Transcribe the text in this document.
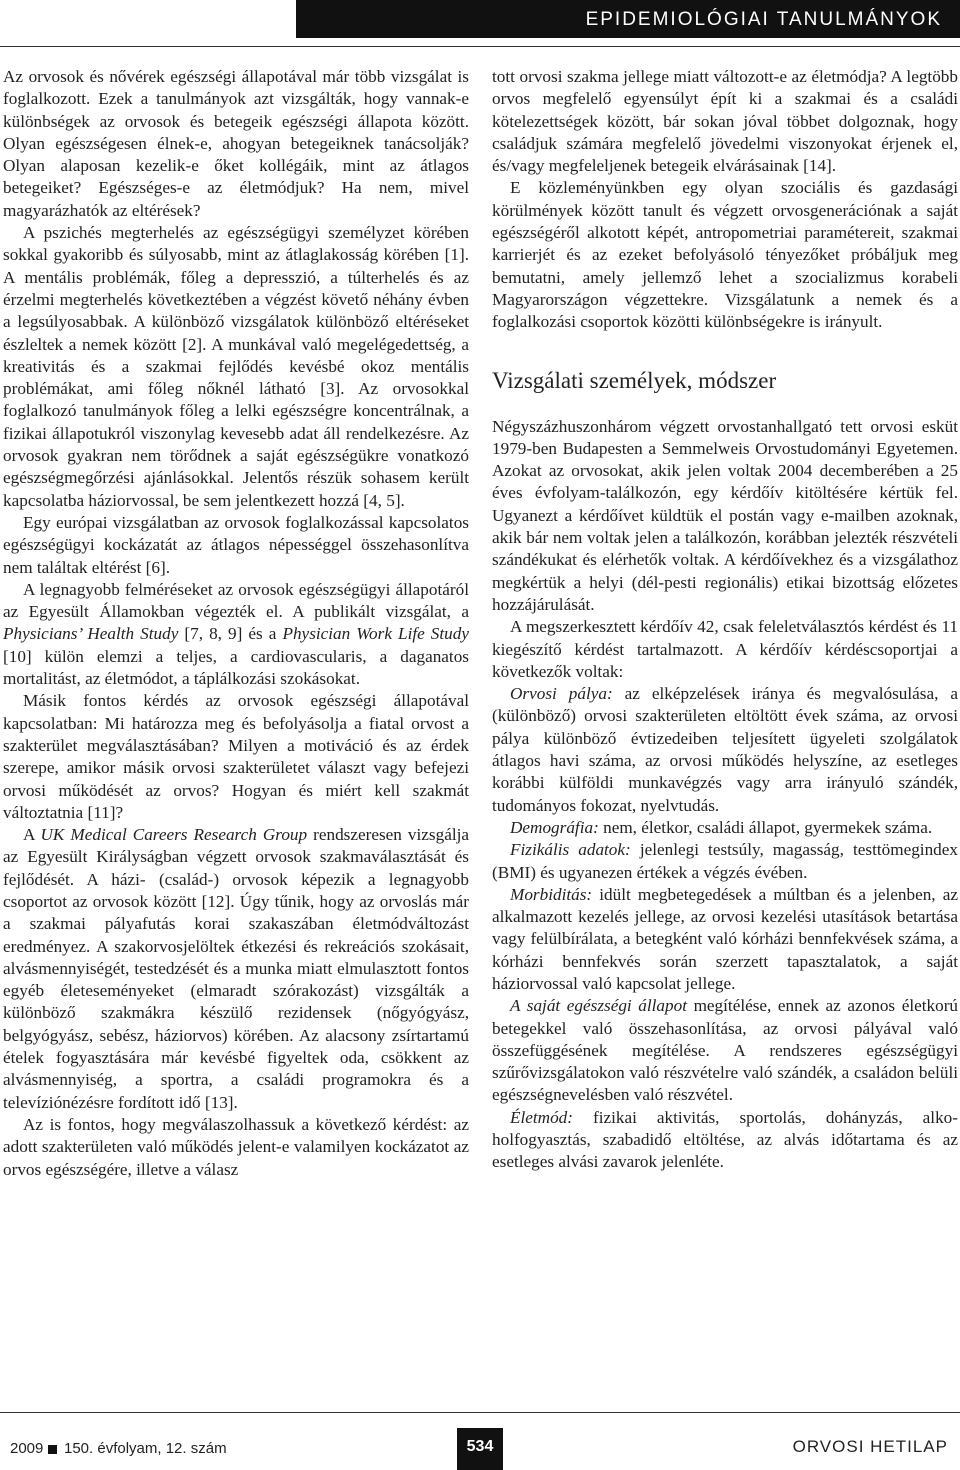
EPIDEMIOLÓGIAI TANULMÁNYOK

Az orvosok és nővérek egészségi állapotával már több vizsgálat is foglalkozott. Ezek a tanulmányok azt vizsgálták, hogy vannak-e különbségek az orvosok és betegeik egészségi állapota között. Olyan egészségesen élnek-e, ahogyan betegeiknek tanácsolják? Olyan alaposan kezelik-e őket kollégáik, mint az átlagos betegeiket? Egészséges-e az életmódjuk? Ha nem, mivel magyarázhatók az eltérések?

A pszichés megterhelés az egészségügyi személyzet körében sokkal gyakoribb és súlyosabb, mint az átlaglakosság körében [1]. A mentális problémák, főleg a depresszió, a túlterhelés és az érzelmi megterhelés következtében a végzést követő néhány évben a legsúlyosabbak. A különböző vizsgálatok különböző eltéréseket észleltek a nemek között [2]. A munkával való megelégedettség, a kreativitás és a szakmai fejlődés kevésbé okoz mentális problémákat, ami főleg nőknél látható [3]. Az orvosokkal foglalkozó tanulmányok főleg a lelki egészségre koncentrálnak, a fizikai állapotukról viszonylag kevesebb adat áll rendelkezésre. Az orvosok gyakran nem törődnek a saját egészségükre vonatkozó egészségmegőrzési ajánlásokkal. Jelentős részük sohasem került kapcsolatba háziorvossal, be sem jelentkezett hozzá [4, 5].

Egy európai vizsgálatban az orvosok foglalkozással kapcsolatos egészségügyi kockázatát az átlagos népességgel összehasonlítva nem találtak eltérést [6].

A legnagyobb felméréseket az orvosok egészségügyi állapotáról az Egyesült Államokban végezték el. A publikált vizsgálat, a Physicians’ Health Study [7, 8, 9] és a Physician Work Life Study [10] külön elemzi a teljes, a cardiovascularis, a daganatos mortalitást, az életmódot, a táplálkozási szokásokat.

Másik fontos kérdés az orvosok egészségi állapotával kapcsolatban: Mi határozza meg és befolyásolja a fiatal orvost a szakterület megválasztásában? Milyen a motiváció és az érdek szerepe, amikor másik orvosi szakterületet választ vagy befejezi orvosi működését az orvos? Hogyan és miért kell szakmát változtatnia [11]?

A UK Medical Careers Research Group rendszeresen vizsgálja az Egyesült Királyságban végzett orvosok szakmaválasztását és fejlődését. A házi- (család-) orvosok képezik a legnagyobb csoportot az orvosok között [12]. Úgy tűnik, hogy az orvoslás már a szakmai pályafutás korai szakaszában életmódváltozást eredményez. A szakorvosjelöltek étkezési és rekreációs szokásait, alvásmennyiségét, testedzését és a munka miatt elmulasztott fontos egyéb életeseményeket (elmaradt szórakozást) vizsgálták a különböző szakmákra készülő rezidensek (nőgyógyász, belgyógyász, sebész, háziorvos) körében. Az alacsony zsírtartamú ételek fogyasztására már kevésbé figyeltek oda, csökkent az alvásmennyiség, a sportra, a családi programokra és a televíziónézésre fordított idő [13].

Az is fontos, hogy megválaszolhassuk a következő kérdést: az adott szakterületen való működés jelent-e valamilyen kockázatot az orvos egészségére, illetve a válasz

tott orvosi szakma jellege miatt változott-e az életmódja? A legtöbb orvos megfelelő egyensúlyt épít ki a szakmai és a családi kötelezettségek között, bár sokan jóval többet dolgoznak, hogy családjuk számára megfelelő jövedelmi viszonyokat érjenek el, és/vagy megfeleljenek betegeik elvárásainak [14].

E közleményünkben egy olyan szociális és gazdasági körülmények között tanult és végzett orvosgenerációnak a saját egészségéről alkotott képét, antropometriai paramétereit, szakmai karrierjét és az ezeket befolyásoló tényezőket próbáljuk meg bemutatni, amely jellemző lehet a szocializmus korabeli Magyarországon végzettekre. Vizsgálatunk a nemek és a foglalkozási csoportok közötti különbségekre is irányult.

Vizsgálati személyek, módszer

Négyszázhuszonhárom végzett orvostanhallgató tett orvosi esküt 1979-ben Budapesten a Semmelweis Orvostudományi Egyetemen. Azokat az orvosokat, akik jelen voltak 2004 decemberében a 25 éves évfolyam-találkozón, egy kérdőív kitöltésére kértük fel. Ugyanezt a kérdőívet küldtük el postán vagy e-mailben azoknak, akik bár nem voltak jelen a találkozón, korábban jelezték részvételi szándékukat és elérhetők voltak. A kérdőívekhez és a vizsgálathoz megkértük a helyi (dél-pesti regionális) etikai bizottság előzetes hozzájárulását.

A megszerkesztett kérdőív 42, csak feleletválasztós kérdést és 11 kiegészítő kérdést tartalmazott. A kérdőív kérdéscsoportjai a következők voltak:

Orvosi pálya: az elképzelések iránya és megvalósulása, a (különböző) orvosi szakterületen eltöltött évek száma, az orvosi pálya különböző évtizedeiben teljesített ügyeleti szolgálatok átlagos havi száma, az orvosi működés helyszíne, az esetleges korábbi külföldi munkavégzés vagy arra irányuló szándék, tudományos fokozat, nyelvtudás.

Demográfia: nem, életkor, családi állapot, gyermekek száma.

Fizikális adatok: jelenlegi testsúly, magasság, testtömegindex (BMI) és ugyanezen értékek a végzés évében.

Morbiditás: idült megbetegedések a múltban és a jelenben, az alkalmazott kezelés jellege, az orvosi kezelési utasítások betartása vagy felülbírálata, a betegként való kórházi bennfekvések száma, a kórházi bennfekvés során szerzett tapasztalatok, a saját háziorvossal való kapcsolat jellege.

A saját egészségi állapot megítélése, ennek az azonos életkorú betegekkel való összehasonlítása, az orvosi pályával való összefüggésének megítélése. A rendszeres egészségügyi szűrővizsgálatokon való részvételre való szándék, a családon belüli egészségnevelésben való részvétel.

Életmód: fizikai aktivitás, sportolás, dohányzás, alkoholfogyasztás, szabadidő eltöltése, az alvás időtartama és az esetleges alvási zavarok jelenléte.

2009 150. évfolyam, 12. szám	534	ORVOSI HETILAP
